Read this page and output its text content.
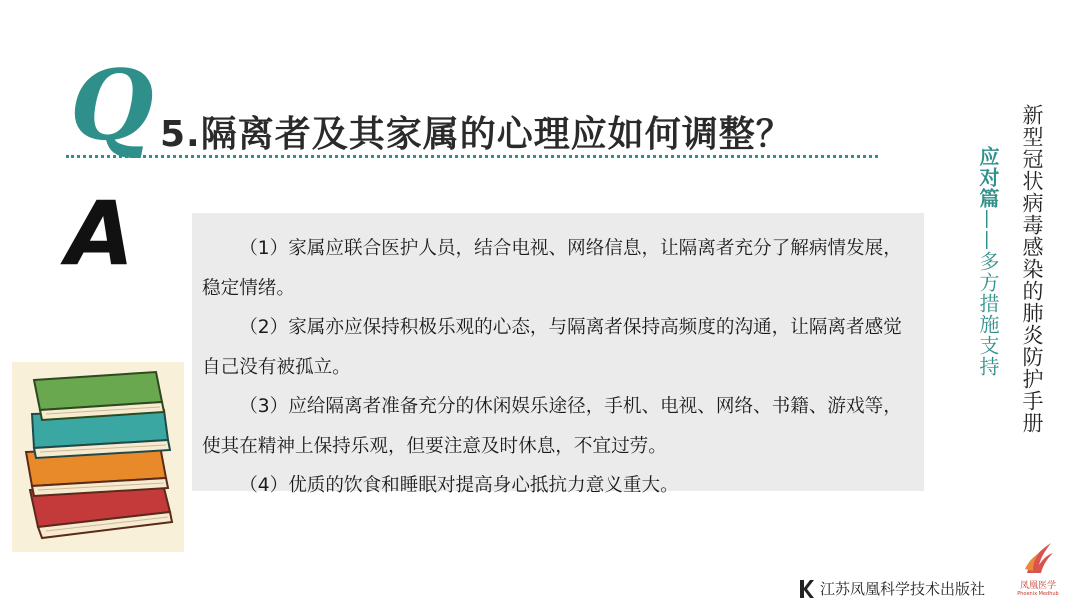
Q 5.隔离者及其家属的心理应如何调整？
A	（1）家属应联合医护人员，结合电视、网络信息，让隔离者充分了解病情发展，稳定情绪。

（2）家属亦应保持积极乐观的心态，与隔离者保持高频度的沟通，让隔离者感觉自己没有被孤立。

（3）应给隔离者准备充分的休闲娱乐途径，手机、电视、网络、书籍、游戏等，使其在精神上保持乐观，但要注意及时休息，不宜过劳。

（4）优质的饮食和睡眠对提高身心抵抗力意义重大。

新型冠状病毒感染的肺炎防护手册
应对篇——多方措施支持
江苏凤凰科学技术出版社	凤凰医学
Phoenix Medhub
